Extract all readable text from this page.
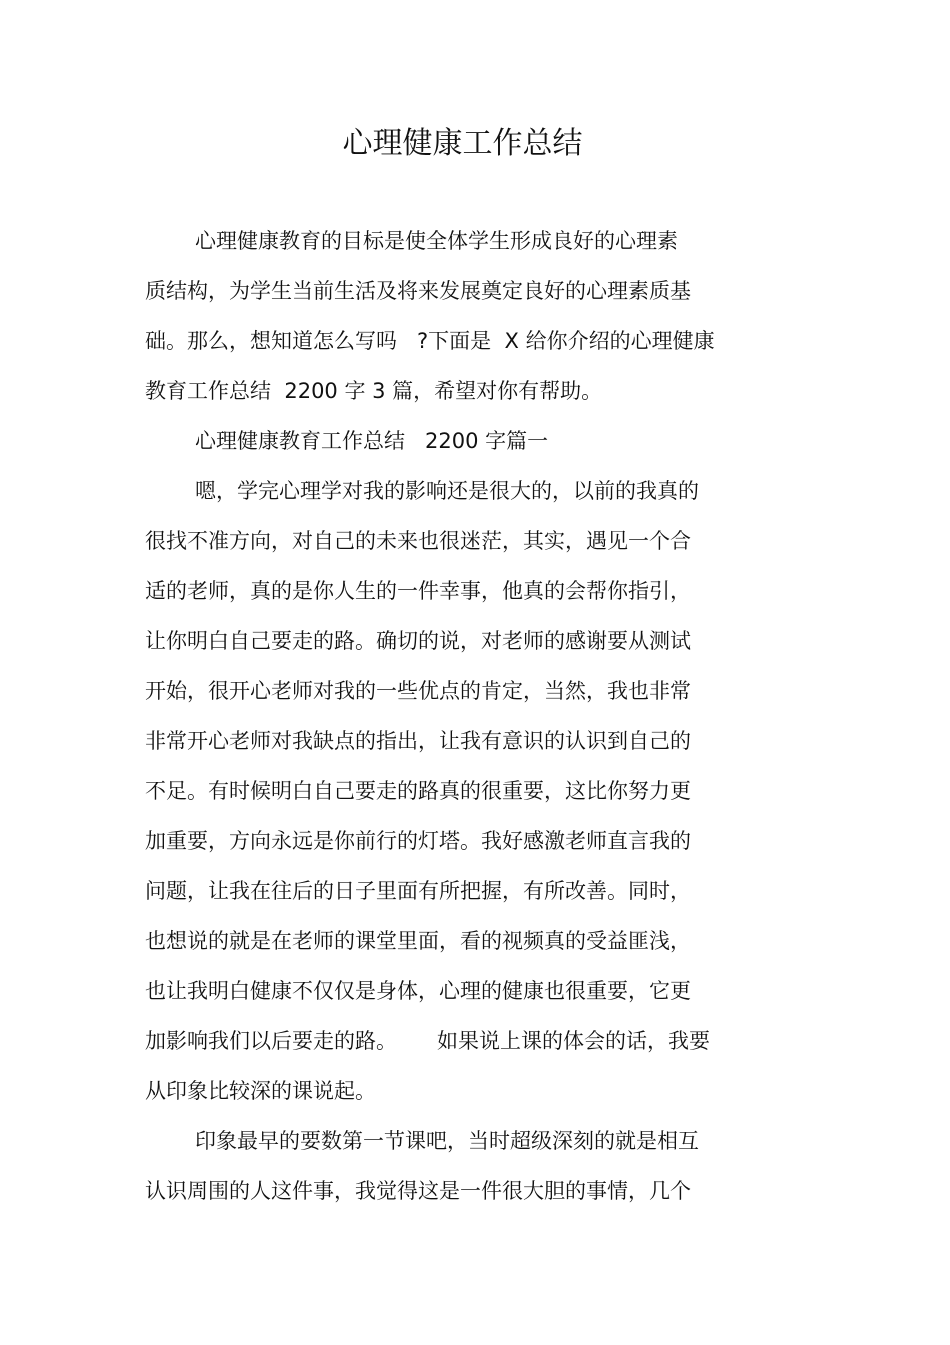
心理健康工作总结

心理健康教育的目标是使全体学生形成良好的心理素

质结构，为学生当前生活及将来发展奠定良好的心理素质基

础。那么，想知道怎么写吗   ?下面是  X 给你介绍的心理健康

教育工作总结  2200 字 3 篇，希望对你有帮助。

心理健康教育工作总结   2200 字篇一

嗯，学完心理学对我的影响还是很大的，以前的我真的

很找不准方向，对自己的未来也很迷茫，其实，遇见一个合

适的老师，真的是你人生的一件幸事，他真的会帮你指引，

让你明白自己要走的路。确切的说，对老师的感谢要从测试

开始，很开心老师对我的一些优点的肯定，当然，我也非常

非常开心老师对我缺点的指出，让我有意识的认识到自己的

不足。有时候明白自己要走的路真的很重要，这比你努力更

加重要，方向永远是你前行的灯塔。我好感激老师直言我的

问题，让我在往后的日子里面有所把握，有所改善。同时，

也想说的就是在老师的课堂里面，看的视频真的受益匪浅，

也让我明白健康不仅仅是身体，心理的健康也很重要，它更

加影响我们以后要走的路。      如果说上课的体会的话，我要

从印象比较深的课说起。

印象最早的要数第一节课吧，当时超级深刻的就是相互

认识周围的人这件事，我觉得这是一件很大胆的事情，几个
